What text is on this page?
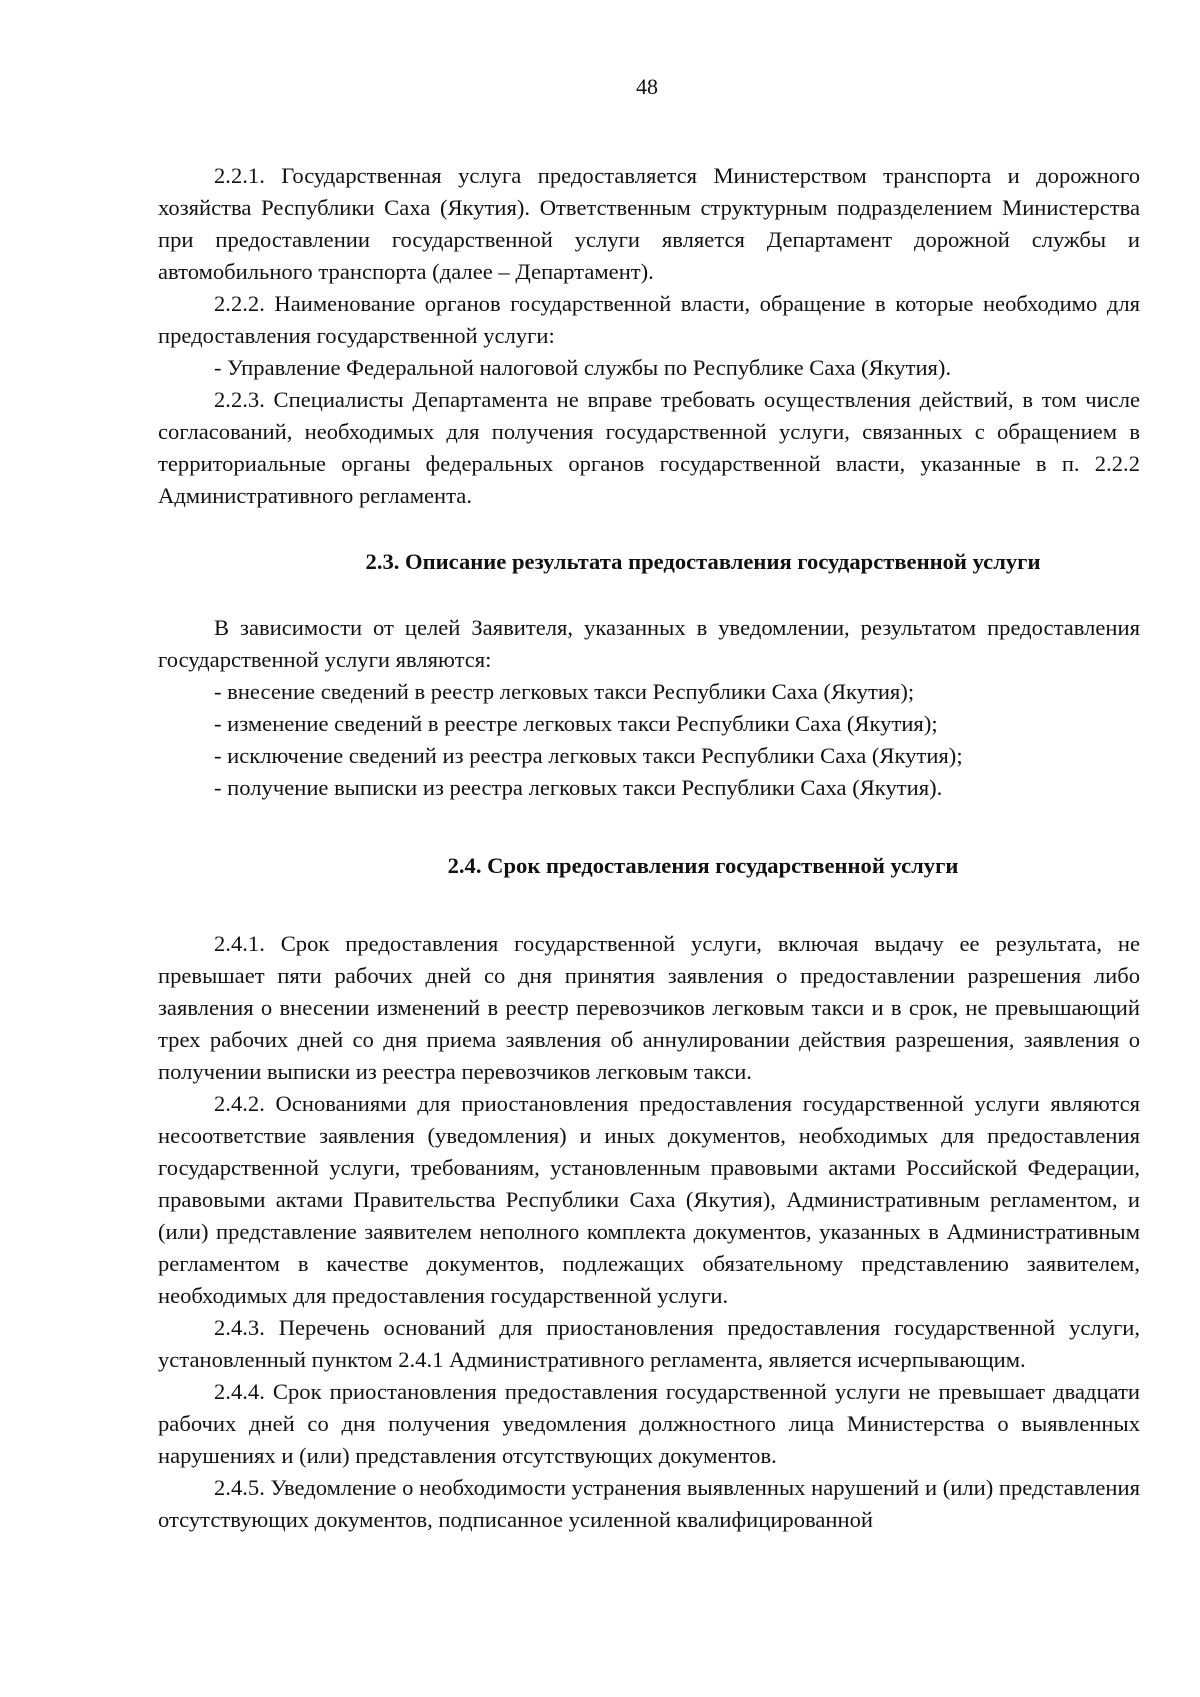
48

2.2.1. Государственная услуга предоставляется Министерством транспорта и дорожного хозяйства Республики Саха (Якутия). Ответственным структурным подразделением Министерства при предоставлении государственной услуги является Департамент дорожной службы и автомобильного транспорта (далее – Департамент).

2.2.2. Наименование органов государственной власти, обращение в которые необходимо для предоставления государственной услуги:

- Управление Федеральной налоговой службы по Республике Саха (Якутия).

2.2.3. Специалисты Департамента не вправе требовать осуществления действий, в том числе согласований, необходимых для получения государственной услуги, связанных с обращением в территориальные органы федеральных органов государственной власти, указанные в п. 2.2.2 Административного регламента.

2.3. Описание результата предоставления государственной услуги

В зависимости от целей Заявителя, указанных в уведомлении, результатом предоставления государственной услуги являются:

- внесение сведений в реестр легковых такси Республики Саха (Якутия);

- изменение сведений в реестре легковых такси Республики Саха (Якутия);

- исключение сведений из реестра легковых такси Республики Саха (Якутия);

- получение выписки из реестра легковых такси Республики Саха (Якутия).

2.4. Срок предоставления государственной услуги

2.4.1. Срок предоставления государственной услуги, включая выдачу ее результата, не превышает пяти рабочих дней со дня принятия заявления о предоставлении разрешения либо заявления о внесении изменений в реестр перевозчиков легковым такси и в срок, не превышающий трех рабочих дней со дня приема заявления об аннулировании действия разрешения, заявления о получении выписки из реестра перевозчиков легковым такси.

2.4.2. Основаниями для приостановления предоставления государственной услуги являются несоответствие заявления (уведомления) и иных документов, необходимых для предоставления государственной услуги, требованиям, установленным правовыми актами Российской Федерации, правовыми актами Правительства Республики Саха (Якутия), Административным регламентом, и (или) представление заявителем неполного комплекта документов, указанных в Административным регламентом в качестве документов, подлежащих обязательному представлению заявителем, необходимых для предоставления государственной услуги.

2.4.3. Перечень оснований для приостановления предоставления государственной услуги, установленный пунктом 2.4.1 Административного регламента, является исчерпывающим.

2.4.4. Срок приостановления предоставления государственной услуги не превышает двадцати рабочих дней со дня получения уведомления должностного лица Министерства о выявленных нарушениях и (или) представления отсутствующих документов.

2.4.5. Уведомление о необходимости устранения выявленных нарушений и (или) представления отсутствующих документов, подписанное усиленной квалифицированной
